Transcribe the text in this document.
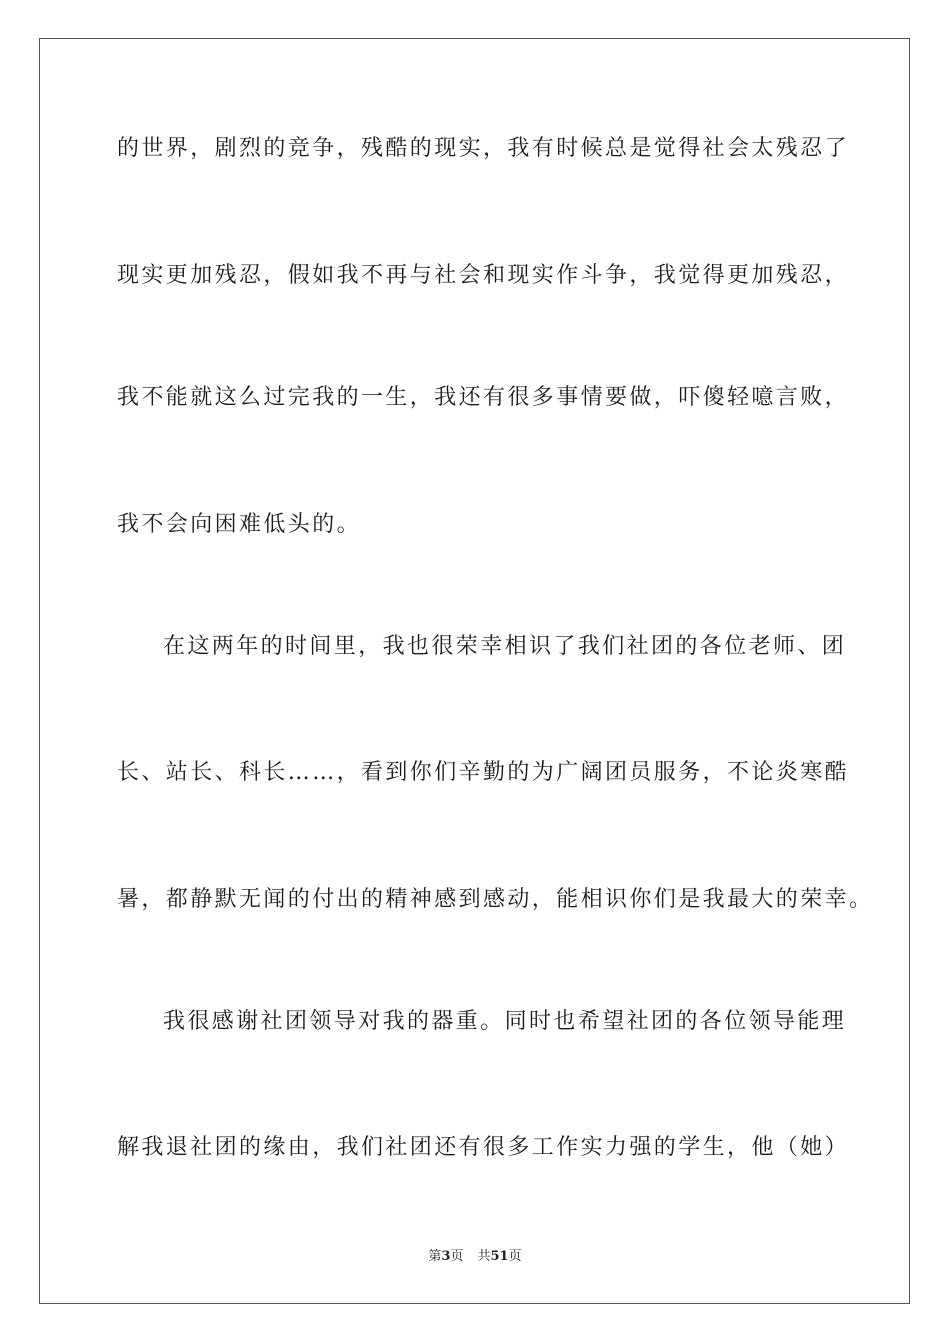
的世界，剧烈的竞争，残酷的现实，我有时候总是觉得社会太残忍了
现实更加残忍，假如我不再与社会和现实作斗争，我觉得更加残忍，
我不能就这么过完我的一生，我还有很多事情要做，吓傻轻噫言败，
我不会向困难低头的。
在这两年的时间里，我也很荣幸相识了我们社团的各位老师、团
长、站长、科长……，看到你们辛勤的为广阔团员服务，不论炎寒酷
暑，都静默无闻的付出的精神感到感动，能相识你们是我最大的荣幸。
我很感谢社团领导对我的器重。同时也希望社团的各位领导能理
解我退社团的缘由，我们社团还有很多工作实力强的学生，他（她）
第3页 共51页
